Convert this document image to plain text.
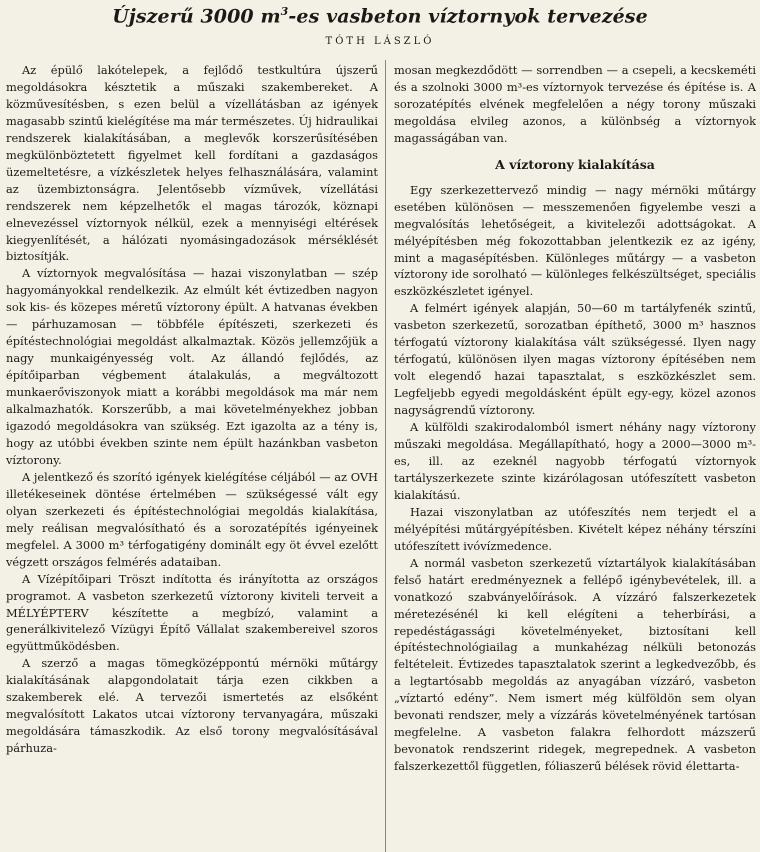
Újszerű 3000 $m^3-es$ vasbeton víztornyok tervezése
TÓTH LÁSZLÓ

Az épülő lakótelepek, a fejlődő testkultúra újszerű megoldásokra késztetik a műszaki szakembereket. A közművesítésben, s ezen belül a vízellátásban az igények magasabb szintű kielégítése ma már természetes. Új hidraulikai rendszerek kialakításában, a meglevők korszerűsítésében megkülönböztetett figyelmet kell fordítani a gazdaságos üzemeltetésre, a vízkészletek helyes felhasználására, valamint az üzembiztonságra. Jelentősebb vízművek, vízellátási rendszerek nem képzelhetők el magas tározók, köznapi elnevezéssel víztornyok nélkül, ezek a mennyiségi eltérések kiegyenlítését, a hálózati nyomásingadozások mérséklését biztosítják.

A víztornyok megvalósítása — hazai viszonylatban — szép hagyományokkal rendelkezik. Az elmúlt két évtizedben nagyon sok kis- és közepes méretű víztorony épült. A hatvanas években — párhuzamosan — többféle építészeti, szerkezeti és építéstechnológiai megoldást alkalmaztak. Közös jellemzőjük a nagy munkaigényesség volt. Az állandó fejlődés, az építőiparban végbement átalakulás, a megváltozott munkaerőviszonyok miatt a korábbi megoldások ma már nem alkalmazhatók. Korszerűbb, a mai követelményekhez jobban igazodó megoldásokra van szükség. Ezt igazolta az a tény is, hogy az utóbbi években szinte nem épült hazánkban vasbeton víztorony.

A jelentkező és szorító igények kielégítése céljából — az OVH illetékeseinek döntése értelmében — szükségessé vált egy olyan szerkezeti és építéstechnológiai megoldás kialakítása, mely reálisan megvalósítható és a sorozatépítés igényeinek megfelel. A 3000 m³ térfogatigény dominált egy öt évvel ezelőtt végzett országos felmérés adataiban.

A Vízépítőipari Tröszt indította és irányította az országos programot. A vasbeton szerkezetű víztorony kiviteli terveit a MÉLYÉPTERV készítette a megbízó, valamint a generálkivitelező Vízügyi Építő Vállalat szakembereivel szoros együttműködésben.

A szerző a magas tömegközéppontú mérnöki műtárgy kialakításának alapgondolatait tárja ezen cikkben a szakemberek elé. A tervezői ismertetés az elsőként megvalósított Lakatos utcai víztorony tervanyagára, műszaki megoldására támaszkodik. Az első torony megvalósításával párhuza-

mosan megkezdődött — sorrendben — a csepeli, a kecskeméti és a szolnoki 3000 m³-es víztornyok tervezése és építése is. A sorozatépítés elvének megfelelően a négy torony műszaki megoldása elvileg azonos, a különbség a víztornyok magasságában van.

A víztorony kialakítása

Egy szerkezettervező mindig — nagy mérnöki műtárgy esetében különösen — messzemenően figyelembe veszi a megvalósítás lehetőségeit, a kivitelezői adottságokat. A mélyépítésben még fokozottabban jelentkezik ez az igény, mint a magasépítésben. Különleges műtárgy — a vasbeton víztorony ide sorolható — különleges felkészültséget, speciális eszközkészletet igényel.

A felmért igények alapján, 50—60 m tartályfenék szintű, vasbeton szerkezetű, sorozatban építhető, 3000 m³ hasznos térfogatú víztorony kialakítása vált szükségessé. Ilyen nagy térfogatú, különösen ilyen magas víztorony építésében nem volt elegendő hazai tapasztalat, s eszközkészlet sem. Legfeljebb egyedi megoldásként épült egy-egy, közel azonos nagyságrendű víztorony.

A külföldi szakirodalomból ismert néhány nagy víztorony műszaki megoldása. Megállapítható, hogy a 2000—3000 m³-es, ill. az ezeknél nagyobb térfogatú víztornyok tartályszerkezete szinte kizárólagosan utófeszített vasbeton kialakítású.

Hazai viszonylatban az utófeszítés nem terjedt el a mélyépítési műtárgyépítésben. Kivételt képez néhány térszíni utófeszített ivóvízmedence.

A normál vasbeton szerkezetű víztartályok kialakításában felső határt eredményeznek a fellépő igénybevételek, ill. a vonatkozó szabványelőírások. A vízzáró falszerkezetek méretezésénél ki kell elégíteni a teherbírási, a repedéstágassági követelményeket, biztosítani kell építéstechnológiailag a munkahézag nélküli betonozás feltételeit. Évtizedes tapasztalatok szerint a legkedvezőbb, és a legtartósabb megoldás az anyagában vízzáró, vasbeton „víztartó edény”. Nem ismert még külföldön sem olyan bevonati rendszer, mely a vízzárás követelményének tartósan megfelelne. A vasbeton falakra felhordott mázszerű bevonatok rendszerint ridegek, megrepednek. A vasbeton falszerkezettől független, fóliaszerű bélések rövid élettarta-
